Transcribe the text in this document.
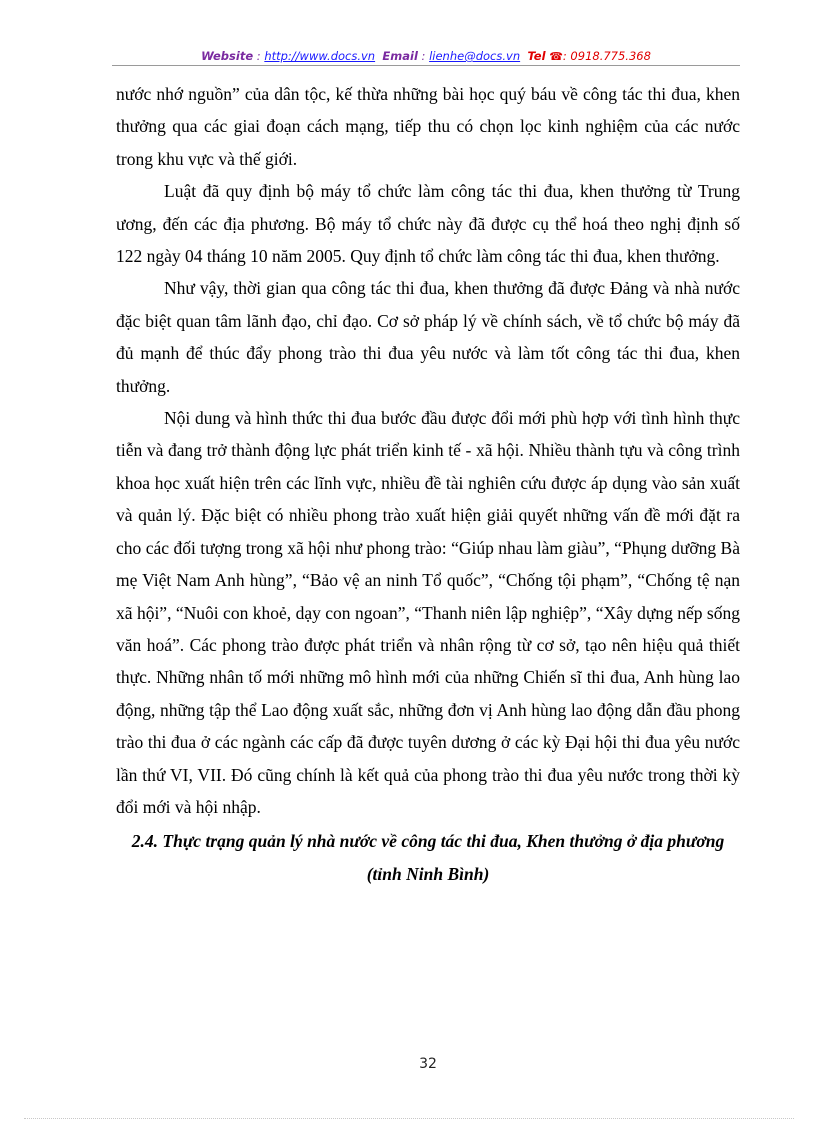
Website : http://www.docs.vn Email : lienhe@docs.vn Tel ☎: 0918.775.368

nước nhớ nguồn” của dân tộc, kế thừa những bài học quý báu về công tác thi đua, khen thưởng qua các giai đoạn cách mạng, tiếp thu có chọn lọc kinh nghiệm của các nước trong khu vực và thế giới.

Luật đã quy định bộ máy tổ chức làm công tác thi đua, khen thưởng từ Trung ương, đến các địa phương. Bộ máy tổ chức này đã được cụ thể hoá theo nghị định số 122 ngày 04 tháng 10 năm 2005. Quy định tổ chức làm công tác thi đua, khen thưởng.

Như vậy, thời gian qua công tác thi đua, khen thưởng đã được Đảng và nhà nước đặc biệt quan tâm lãnh đạo, chỉ đạo. Cơ sở pháp lý về chính sách, về tổ chức bộ máy đã đủ mạnh để thúc đẩy phong trào thi đua yêu nước và làm tốt công tác thi đua, khen thưởng.

Nội dung và hình thức thi đua bước đầu được đổi mới phù hợp với tình hình thực tiễn và đang trở thành động lực phát triển kinh tế - xã hội. Nhiều thành tựu và công trình khoa học xuất hiện trên các lĩnh vực, nhiều đề tài nghiên cứu được áp dụng vào sản xuất và quản lý. Đặc biệt có nhiều phong trào xuất hiện giải quyết những vấn đề mới đặt ra cho các đối tượng trong xã hội như phong trào: “Giúp nhau làm giàu”, “Phụng dưỡng Bà mẹ Việt Nam Anh hùng”, “Bảo vệ an ninh Tổ quốc”, “Chống tội phạm”, “Chống tệ nạn xã hội”, “Nuôi con khoẻ, dạy con ngoan”, “Thanh niên lập nghiệp”, “Xây dựng nếp sống văn hoá”. Các phong trào được phát triển và nhân rộng từ cơ sở, tạo nên hiệu quả thiết thực. Những nhân tố mới những mô hình mới của những Chiến sĩ thi đua, Anh hùng lao động, những tập thể Lao động xuất sắc, những đơn vị Anh hùng lao động dẫn đầu phong trào thi đua ở các ngành các cấp đã được tuyên dương ở các kỳ Đại hội thi đua yêu nước lần thứ VI, VII. Đó cũng chính là kết quả của phong trào thi đua yêu nước trong thời kỳ đổi mới và hội nhập.

2.4. Thực trạng quản lý nhà nước về công tác thi đua, Khen thưởng ở địa phương (tỉnh Ninh Bình)
32
